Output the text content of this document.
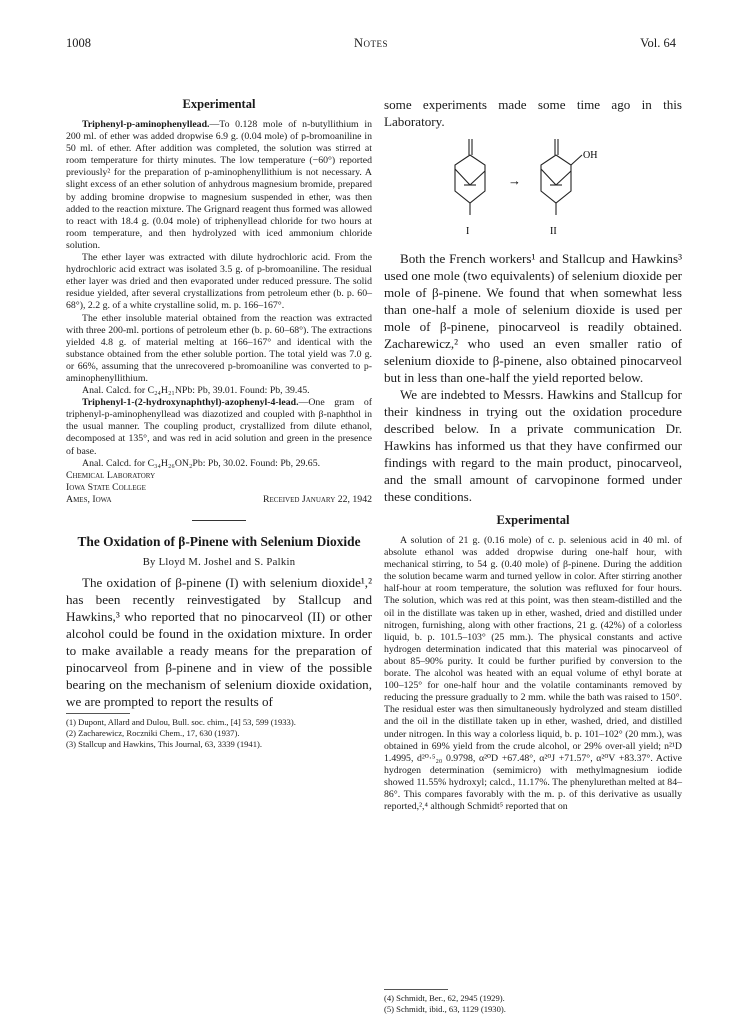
1008	Notes	Vol. 64
Experimental

Triphenyl-p-aminophenyllead.—To 0.128 mole of n-butyllithium in 200 ml. of ether was added dropwise 6.9 g. (0.04 mole) of p-bromoaniline in 50 ml. of ether. After addition was completed, the solution was stirred at room temperature for thirty minutes. The low temperature (−60°) reported previously² for the preparation of p-aminophenyllithium is not necessary. A slight excess of an ether solution of anhydrous magnesium bromide, prepared by adding bromine dropwise to magnesium suspended in ether, was then added to the reaction mixture. The Grignard reagent thus formed was allowed to react with 18.4 g. (0.04 mole) of triphenyllead chloride for two hours at room temperature, and then hydrolyzed with iced ammonium chloride solution.

The ether layer was extracted with dilute hydrochloric acid. From the hydrochloric acid extract was isolated 3.5 g. of p-bromoaniline. The residual ether layer was dried and then evaporated under reduced pressure. The solid residue yielded, after several crystallizations from petroleum ether (b. p. 60–68°), 2.2 g. of a white crystalline solid, m. p. 166–167°.

The ether insoluble material obtained from the reaction was extracted with three 200-ml. portions of petroleum ether (b. p. 60–68°). The extractions yielded 4.8 g. of material melting at 166–167° and identical with the substance obtained from the ether soluble portion. The total yield was 7.0 g. or 66%, assuming that the unrecovered p-bromoaniline was converted to p-aminophenyllithium.

Anal. Calcd. for C₂₄H₂₁NPb: Pb, 39.01. Found: Pb, 39.45.

Triphenyl-1-(2-hydroxynaphthyl)-azophenyl-4-lead.—One gram of triphenyl-p-aminophenyllead was diazotized and coupled with β-naphthol in the usual manner. The coupling product, crystallized from dilute ethanol, decomposed at 135°, and was red in acid solution and green in the presence of base.

Anal. Calcd. for C₃₄H₂₆ON₂Pb: Pb, 30.02. Found: Pb, 29.65.

Chemical Laboratory
Iowa State College
Ames, Iowa	Received January 22, 1942

The Oxidation of β-Pinene with Selenium Dioxide

By Lloyd M. Joshel and S. Palkin

The oxidation of β-pinene (I) with selenium dioxide¹,² has been recently reinvestigated by Stallcup and Hawkins,³ who reported that no pinocarveol (II) or other alcohol could be found in the oxidation mixture. In order to make available a ready means for the preparation of pinocarveol from β-pinene and in view of the possible bearing on the mechanism of selenium dioxide oxidation, we are prompted to report the results of

(1) Dupont, Allard and Dulou, Bull. soc. chim., [4] 53, 599 (1933).

(2) Zacharewicz, Roczniki Chem., 17, 630 (1937).

(3) Stallcup and Hawkins, This Journal, 63, 3339 (1941).

some experiments made some time ago in this Laboratory.

I
→
OH
II

Both the French workers¹ and Stallcup and Hawkins³ used one mole (two equivalents) of selenium dioxide per mole of β-pinene. We found that when somewhat less than one-half a mole of selenium dioxide is used per mole of β-pinene, pinocarveol is readily obtained. Zacharewicz,² who used an even smaller ratio of selenium dioxide to β-pinene, also obtained pinocarveol but in less than one-half the yield reported below.

We are indebted to Messrs. Hawkins and Stallcup for their kindness in trying out the oxidation procedure described below. In a private communication Dr. Hawkins has informed us that they have confirmed our findings with regard to the main product, pinocarveol, and the small amount of carvopinone formed under these conditions.

Experimental

A solution of 21 g. (0.16 mole) of c. p. selenious acid in 40 ml. of absolute ethanol was added dropwise during one-half hour, with mechanical stirring, to 54 g. (0.40 mole) of β-pinene. During the addition the solution became warm and turned yellow in color. After stirring another half-hour at room temperature, the solution was refluxed for four hours. The solution, which was red at this point, was then steam-distilled and the oil in the distillate was taken up in ether, washed, dried and distilled under nitrogen, furnishing, along with other fractions, 21 g. (42%) of a colorless liquid, b. p. 101.5–103° (25 mm.). The physical constants and active hydrogen determination indicated that this material was pinocarveol of about 85–90% purity. It could be further purified by conversion to the borate. The alcohol was heated with an equal volume of ethyl borate at 100–125° for one-half hour and the volatile contaminants removed by reducing the pressure gradually to 2 mm. while the bath was raised to 150°. The residual ester was then simultaneously hydrolyzed and steam distilled and the oil in the distillate taken up in ether, washed, dried, and distilled under nitrogen. In this way a colorless liquid, b. p. 101–102° (20 mm.), was obtained in 69% yield from the crude alcohol, or 29% over-all yield; n²¹D 1.4995, d²⁰·⁵₂₀ 0.9798, α²⁰D +67.48°, α²⁰J +71.57°, α²⁰V +83.37°. Active hydrogen determination (semimicro) with methylmagnesium iodide showed 11.55% hydroxyl; calcd., 11.17%. The phenylurethan melted at 84–86°. This compares favorably with the m. p. of this derivative as usually reported,²,⁴ although Schmidt⁵ reported that on

(4) Schmidt, Ber., 62, 2945 (1929).

(5) Schmidt, ibid., 63, 1129 (1930).
